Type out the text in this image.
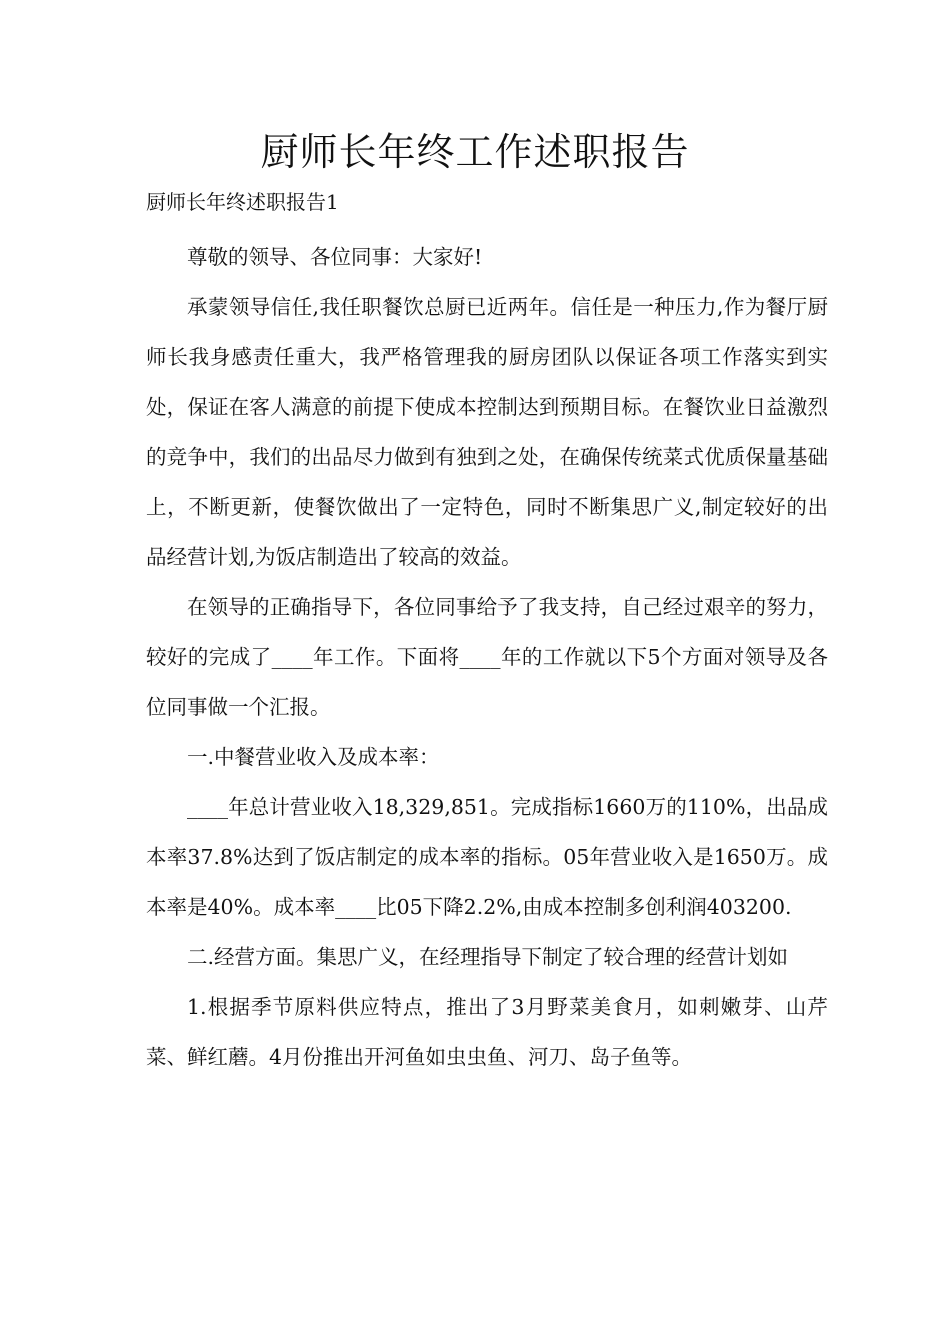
厨师长年终工作述职报告
厨师长年终述职报告1

尊敬的领导、各位同事：大家好!

承蒙领导信任,我任职餐饮总厨已近两年。信任是一种压力,作为餐厅厨师长我身感责任重大，我严格管理我的厨房团队以保证各项工作落实到实处，保证在客人满意的前提下使成本控制达到预期目标。在餐饮业日益激烈的竞争中，我们的出品尽力做到有独到之处，在确保传统菜式优质保量基础上，不断更新，使餐饮做出了一定特色，同时不断集思广义,制定较好的出品经营计划,为饭店制造出了较高的效益。

在领导的正确指导下，各位同事给予了我支持，自己经过艰辛的努力，较好的完成了____年工作。下面将____年的工作就以下5个方面对领导及各位同事做一个汇报。

一.中餐营业收入及成本率：

____年总计营业收入18,329,851。完成指标1660万的110%，出品成本率37.8%达到了饭店制定的成本率的指标。05年营业收入是1650万。成本率是40%。成本率____比05下降2.2%,由成本控制多创利润403200.

二.经营方面。集思广义，在经理指导下制定了较合理的经营计划如

1.根据季节原料供应特点，推出了3月野菜美食月，如刺嫩芽、山芹菜、鲜红蘑。4月份推出开河鱼如虫虫鱼、河刀、岛子鱼等。
